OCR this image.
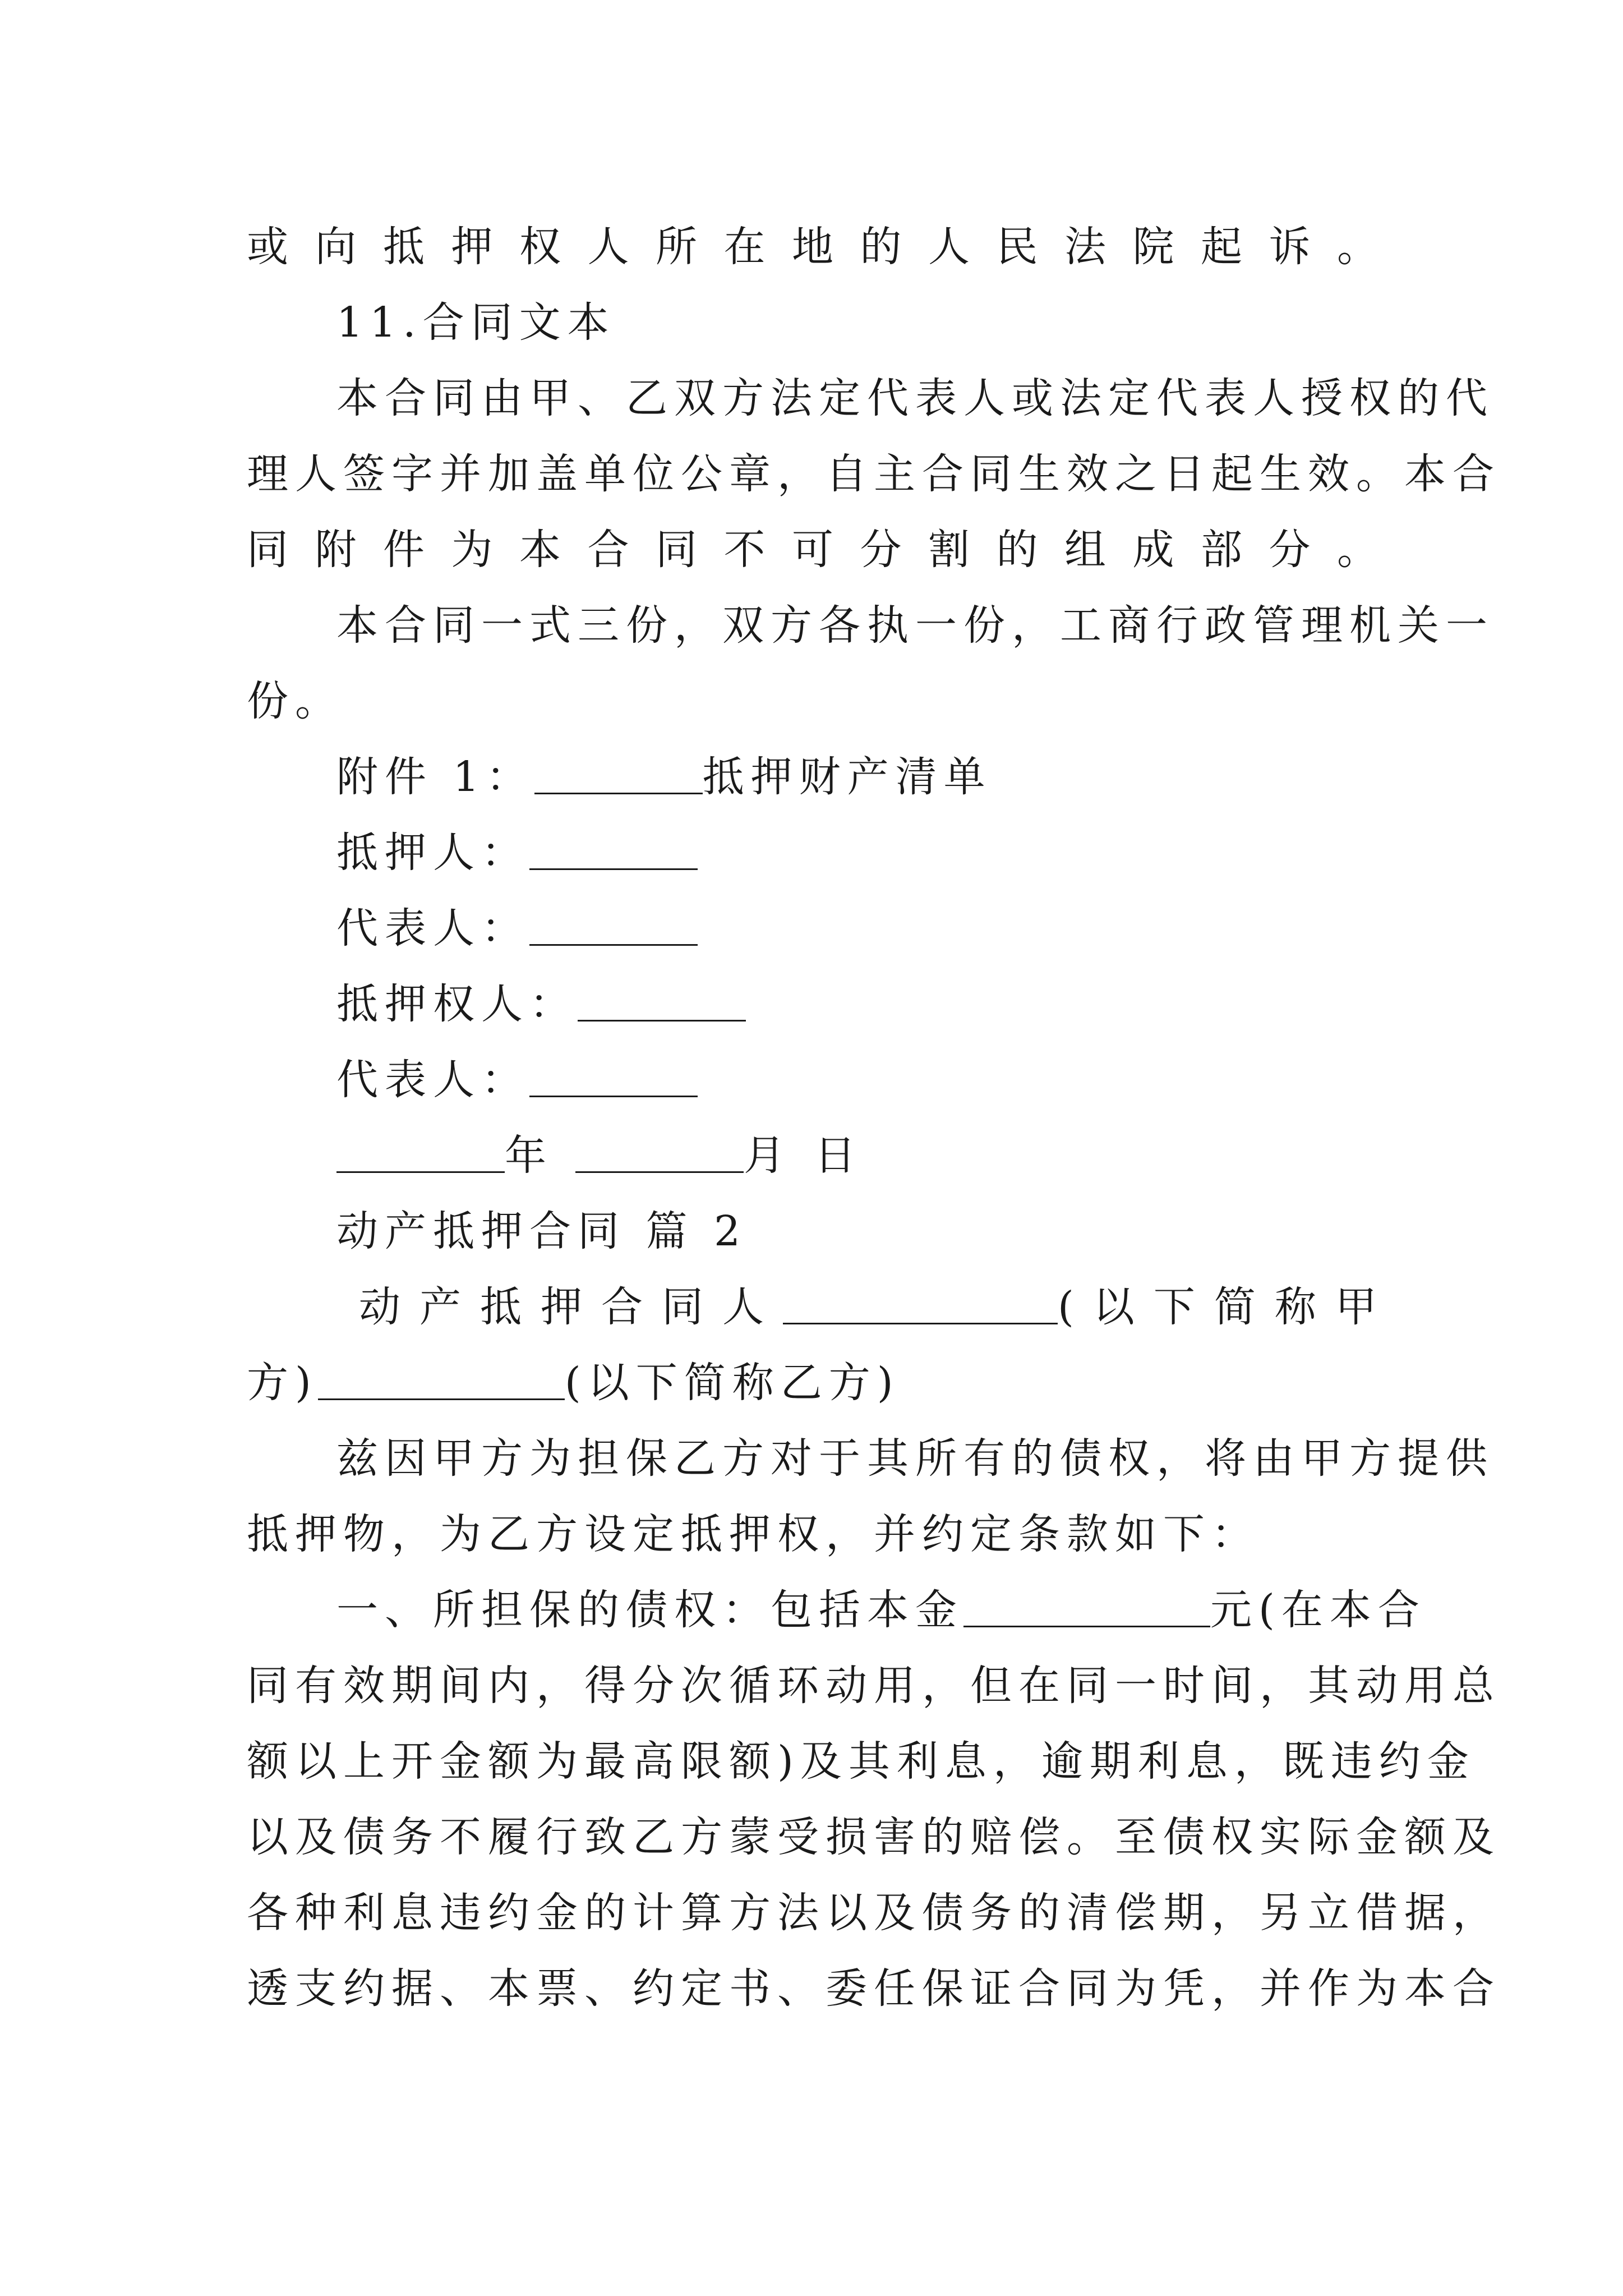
或向抵押权人所在地的人民法院起诉。
11.合同文本
本合同由甲、乙双方法定代表人或法定代表人授权的代
理人签字并加盖单位公章，自主合同生效之日起生效。本合
同附件为本合同不可分割的组成部分。
本合同一式三份，双方各执一份，工商行政管理机关一
份。
附件 1：	抵押财产清单
抵押人：
代表人：
抵押权人：
代表人：
年	月 日
动产抵押合同 篇 2
动产抵押合同人	(以下简称甲
方)	(以下简称乙方)
兹因甲方为担保乙方对于其所有的债权，将由甲方提供
抵押物，为乙方设定抵押权，并约定条款如下：
一、所担保的债权：包括本金	元(在本合
同有效期间内，得分次循环动用，但在同一时间，其动用总
额以上开金额为最高限额)及其利息，逾期利息，既违约金
以及债务不履行致乙方蒙受损害的赔偿。至债权实际金额及
各种利息违约金的计算方法以及债务的清偿期，另立借据，
透支约据、本票、约定书、委任保证合同为凭，并作为本合
